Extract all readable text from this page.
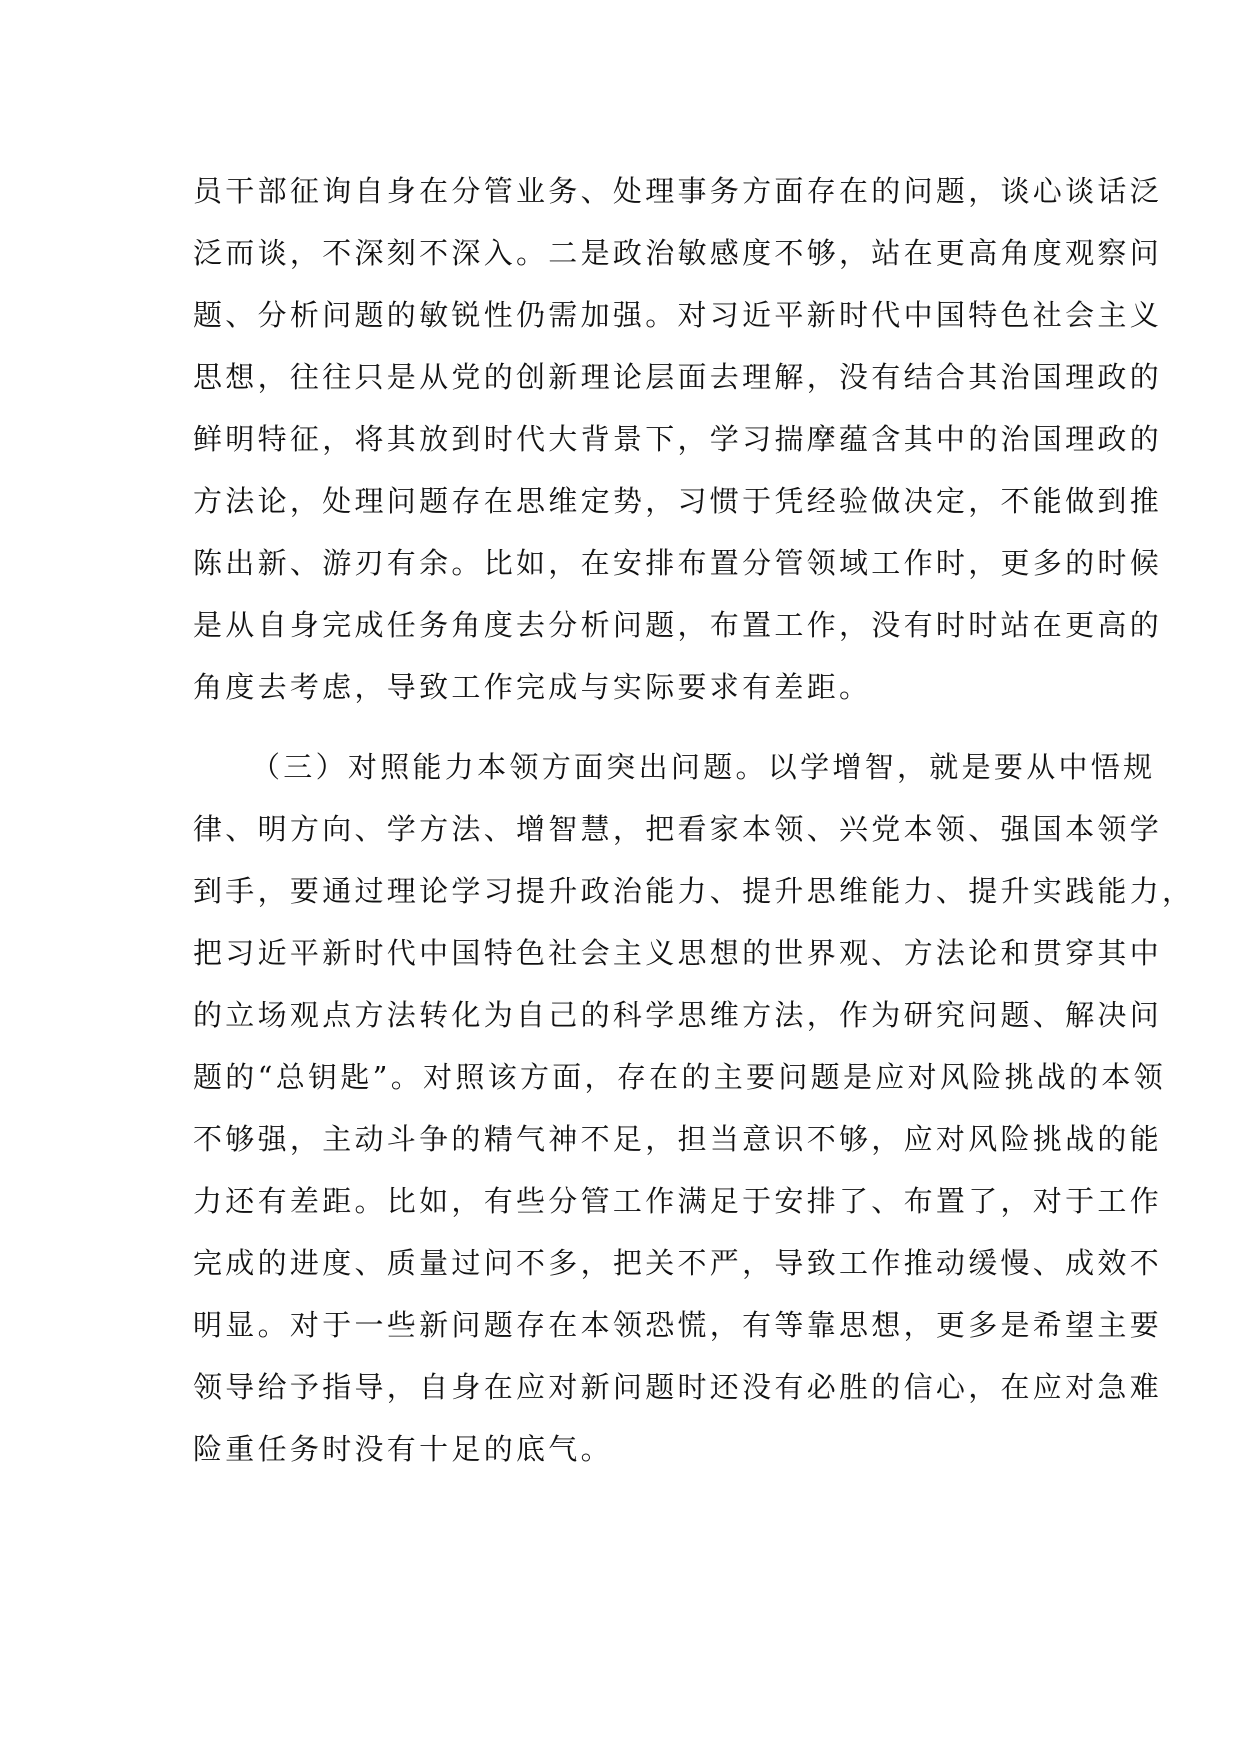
员干部征询自身在分管业务、处理事务方面存在的问题，谈心谈话泛
泛而谈，不深刻不深入。二是政治敏感度不够，站在更高角度观察问
题、分析问题的敏锐性仍需加强。对习近平新时代中国特色社会主义
思想，往往只是从党的创新理论层面去理解，没有结合其治国理政的
鲜明特征，将其放到时代大背景下，学习揣摩蕴含其中的治国理政的
方法论，处理问题存在思维定势，习惯于凭经验做决定，不能做到推
陈出新、游刃有余。比如，在安排布置分管领域工作时，更多的时候
是从自身完成任务角度去分析问题，布置工作，没有时时站在更高的
角度去考虑，导致工作完成与实际要求有差距。
（三）对照能力本领方面突出问题。以学增智，就是要从中悟规
律、明方向、学方法、增智慧，把看家本领、兴党本领、强国本领学
到手，要通过理论学习提升政治能力、提升思维能力、提升实践能力，
把习近平新时代中国特色社会主义思想的世界观、方法论和贯穿其中
的立场观点方法转化为自己的科学思维方法，作为研究问题、解决问
题的“总钥匙”。对照该方面，存在的主要问题是应对风险挑战的本领
不够强，主动斗争的精气神不足，担当意识不够，应对风险挑战的能
力还有差距。比如，有些分管工作满足于安排了、布置了，对于工作
完成的进度、质量过问不多，把关不严，导致工作推动缓慢、成效不
明显。对于一些新问题存在本领恐慌，有等靠思想，更多是希望主要
领导给予指导，自身在应对新问题时还没有必胜的信心，在应对急难
险重任务时没有十足的底气。
